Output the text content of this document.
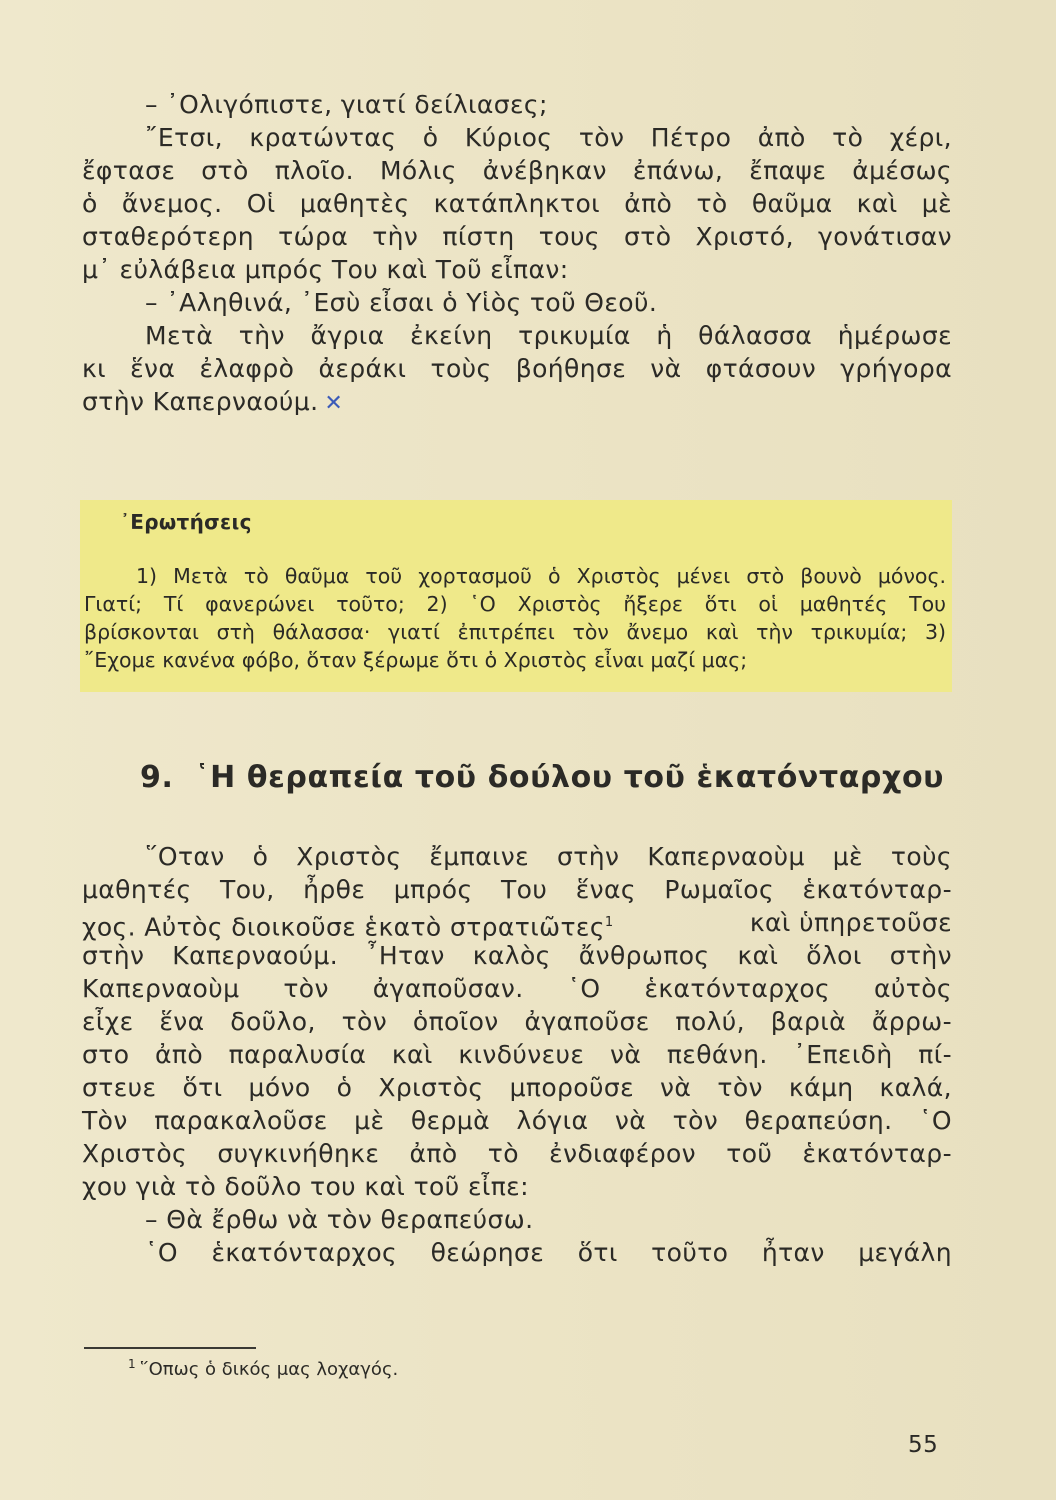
– ᾿Ολιγόπιστε, γιατί δείλιασες;
῎Ετσι, κρατώντας ὁ Κύριος τὸν Πέτρο ἀπὸ τὸ χέρι,
ἔφτασε στὸ πλοῖο. Μόλις ἀνέβηκαν ἐπάνω, ἔπαψε ἀμέσως
ὁ ἄνεμος. Οἱ μαθητὲς κατάπληκτοι ἀπὸ τὸ θαῦμα καὶ μὲ
σταθερότερη τώρα τὴν πίστη τους στὸ Χριστό, γονάτισαν
μ᾽ εὐλάβεια μπρός Του καὶ Τοῦ εἶπαν:
– ᾿Αληθινά, ᾿Εσὺ εἶσαι ὁ Υἱὸς τοῦ Θεοῦ.
Μετὰ τὴν ἄγρια ἐκείνη τρικυμία ἡ θάλασσα ἡμέρωσε
κι ἕνα ἐλαφρὸ ἀεράκι τοὺς βοήθησε νὰ φτάσουν γρήγορα
στὴν Καπερναούμ. ✕
᾿Ερωτήσεις
1) Μετὰ τὸ θαῦμα τοῦ χορτασμοῦ ὁ Χριστὸς μένει στὸ βουνὸ μόνος.
Γιατί; Τί φανερώνει τοῦτο; 2) ῾Ο Χριστὸς ἤξερε ὅτι οἱ μαθητές Του
βρίσκονται στὴ θάλασσα· γιατί ἐπιτρέπει τὸν ἄνεμο καὶ τὴν τρικυμία; 3)
῎Εχομε κανένα φόβο, ὅταν ξέρωμε ὅτι ὁ Χριστὸς εἶναι μαζί μας;
9. ῾Η θεραπεία τοῦ δούλου τοῦ ἑκατόνταρχου
῞Οταν ὁ Χριστὸς ἔμπαινε στὴν Καπερναοὺμ μὲ τοὺς
μαθητές Του, ἦρθε μπρός Του ἕνας Ρωμαῖος ἑκατόνταρ-
χος. Αὐτὸς διοικοῦσε ἑκατὸ στρατιῶτες$^1$	καὶ ὑπηρετοῦσε
στὴν Καπερναούμ. ῏Ηταν καλὸς ἄνθρωπος καὶ ὅλοι στὴν
Καπερναοὺμ τὸν ἀγαποῦσαν. ῾Ο ἑκατόνταρχος αὐτὸς
εἶχε ἕνα δοῦλο, τὸν ὁποῖον ἀγαποῦσε πολύ, βαριὰ ἄρρω-
στο ἀπὸ παραλυσία καὶ κινδύνευε νὰ πεθάνη. ᾿Επειδὴ πί-
στευε ὅτι μόνο ὁ Χριστὸς μποροῦσε νὰ τὸν κάμη καλά,
Τὸν παρακαλοῦσε μὲ θερμὰ λόγια νὰ τὸν θεραπεύση. ῾Ο
Χριστὸς συγκινήθηκε ἀπὸ τὸ ἐνδιαφέρον τοῦ ἑκατόνταρ-
χου γιὰ τὸ δοῦλο του καὶ τοῦ εἶπε:
– Θὰ ἔρθω νὰ τὸν θεραπεύσω.
῾Ο ἑκατόνταρχος θεώρησε ὅτι τοῦτο ἦταν μεγάλη
$^1$ ῞Οπως ὁ δικός μας λοχαγός.
55
